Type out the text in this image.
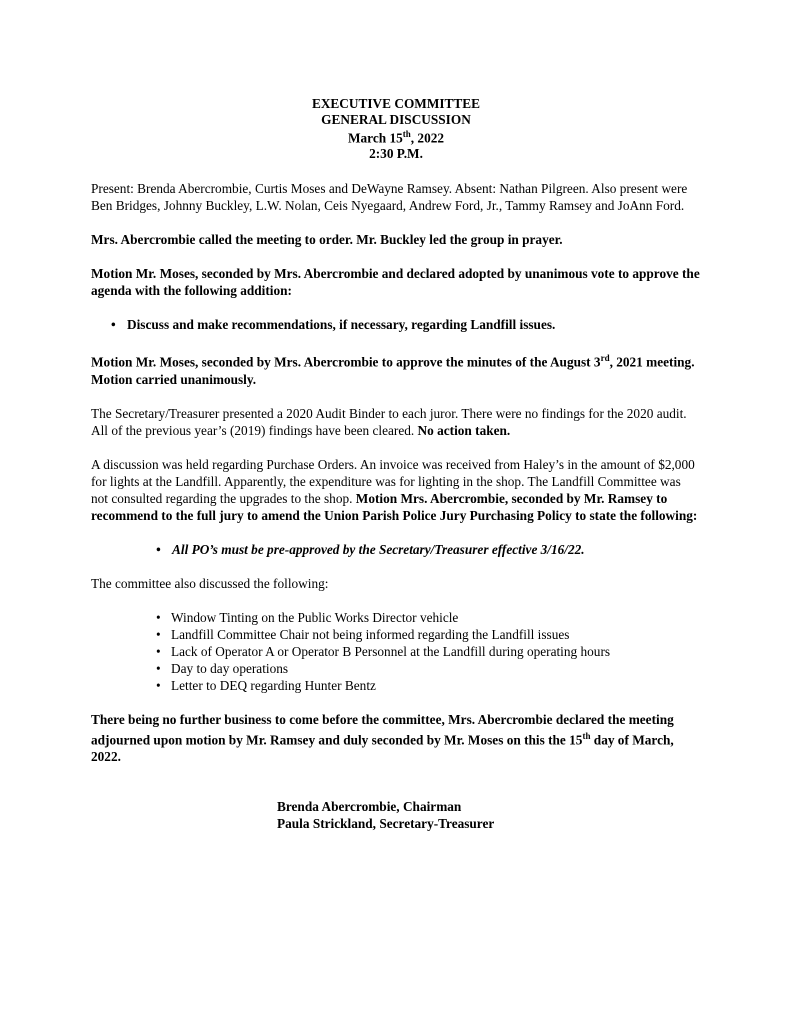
EXECUTIVE COMMITTEE
GENERAL DISCUSSION
March 15th, 2022
2:30 P.M.

Present: Brenda Abercrombie, Curtis Moses and DeWayne Ramsey. Absent: Nathan Pilgreen. Also present were Ben Bridges, Johnny Buckley, L.W. Nolan, Ceis Nyegaard, Andrew Ford, Jr., Tammy Ramsey and JoAnn Ford.

Mrs. Abercrombie called the meeting to order. Mr. Buckley led the group in prayer.

Motion Mr. Moses, seconded by Mrs. Abercrombie and declared adopted by unanimous vote to approve the agenda with the following addition:

• Discuss and make recommendations, if necessary, regarding Landfill issues.

Motion Mr. Moses, seconded by Mrs. Abercrombie to approve the minutes of the August 3rd, 2021 meeting. Motion carried unanimously.

The Secretary/Treasurer presented a 2020 Audit Binder to each juror. There were no findings for the 2020 audit. All of the previous year’s (2019) findings have been cleared. No action taken.

A discussion was held regarding Purchase Orders. An invoice was received from Haley’s in the amount of $2,000 for lights at the Landfill. Apparently, the expenditure was for lighting in the shop. The Landfill Committee was not consulted regarding the upgrades to the shop. Motion Mrs. Abercrombie, seconded by Mr. Ramsey to recommend to the full jury to amend the Union Parish Police Jury Purchasing Policy to state the following:

• All PO’s must be pre-approved by the Secretary/Treasurer effective 3/16/22.

The committee also discussed the following:

• Window Tinting on the Public Works Director vehicle
• Landfill Committee Chair not being informed regarding the Landfill issues
• Lack of Operator A or Operator B Personnel at the Landfill during operating hours
• Day to day operations
• Letter to DEQ regarding Hunter Bentz

There being no further business to come before the committee, Mrs. Abercrombie declared the meeting adjourned upon motion by Mr. Ramsey and duly seconded by Mr. Moses on this the 15th day of March, 2022.

Brenda Abercrombie, Chairman
Paula Strickland, Secretary-Treasurer
